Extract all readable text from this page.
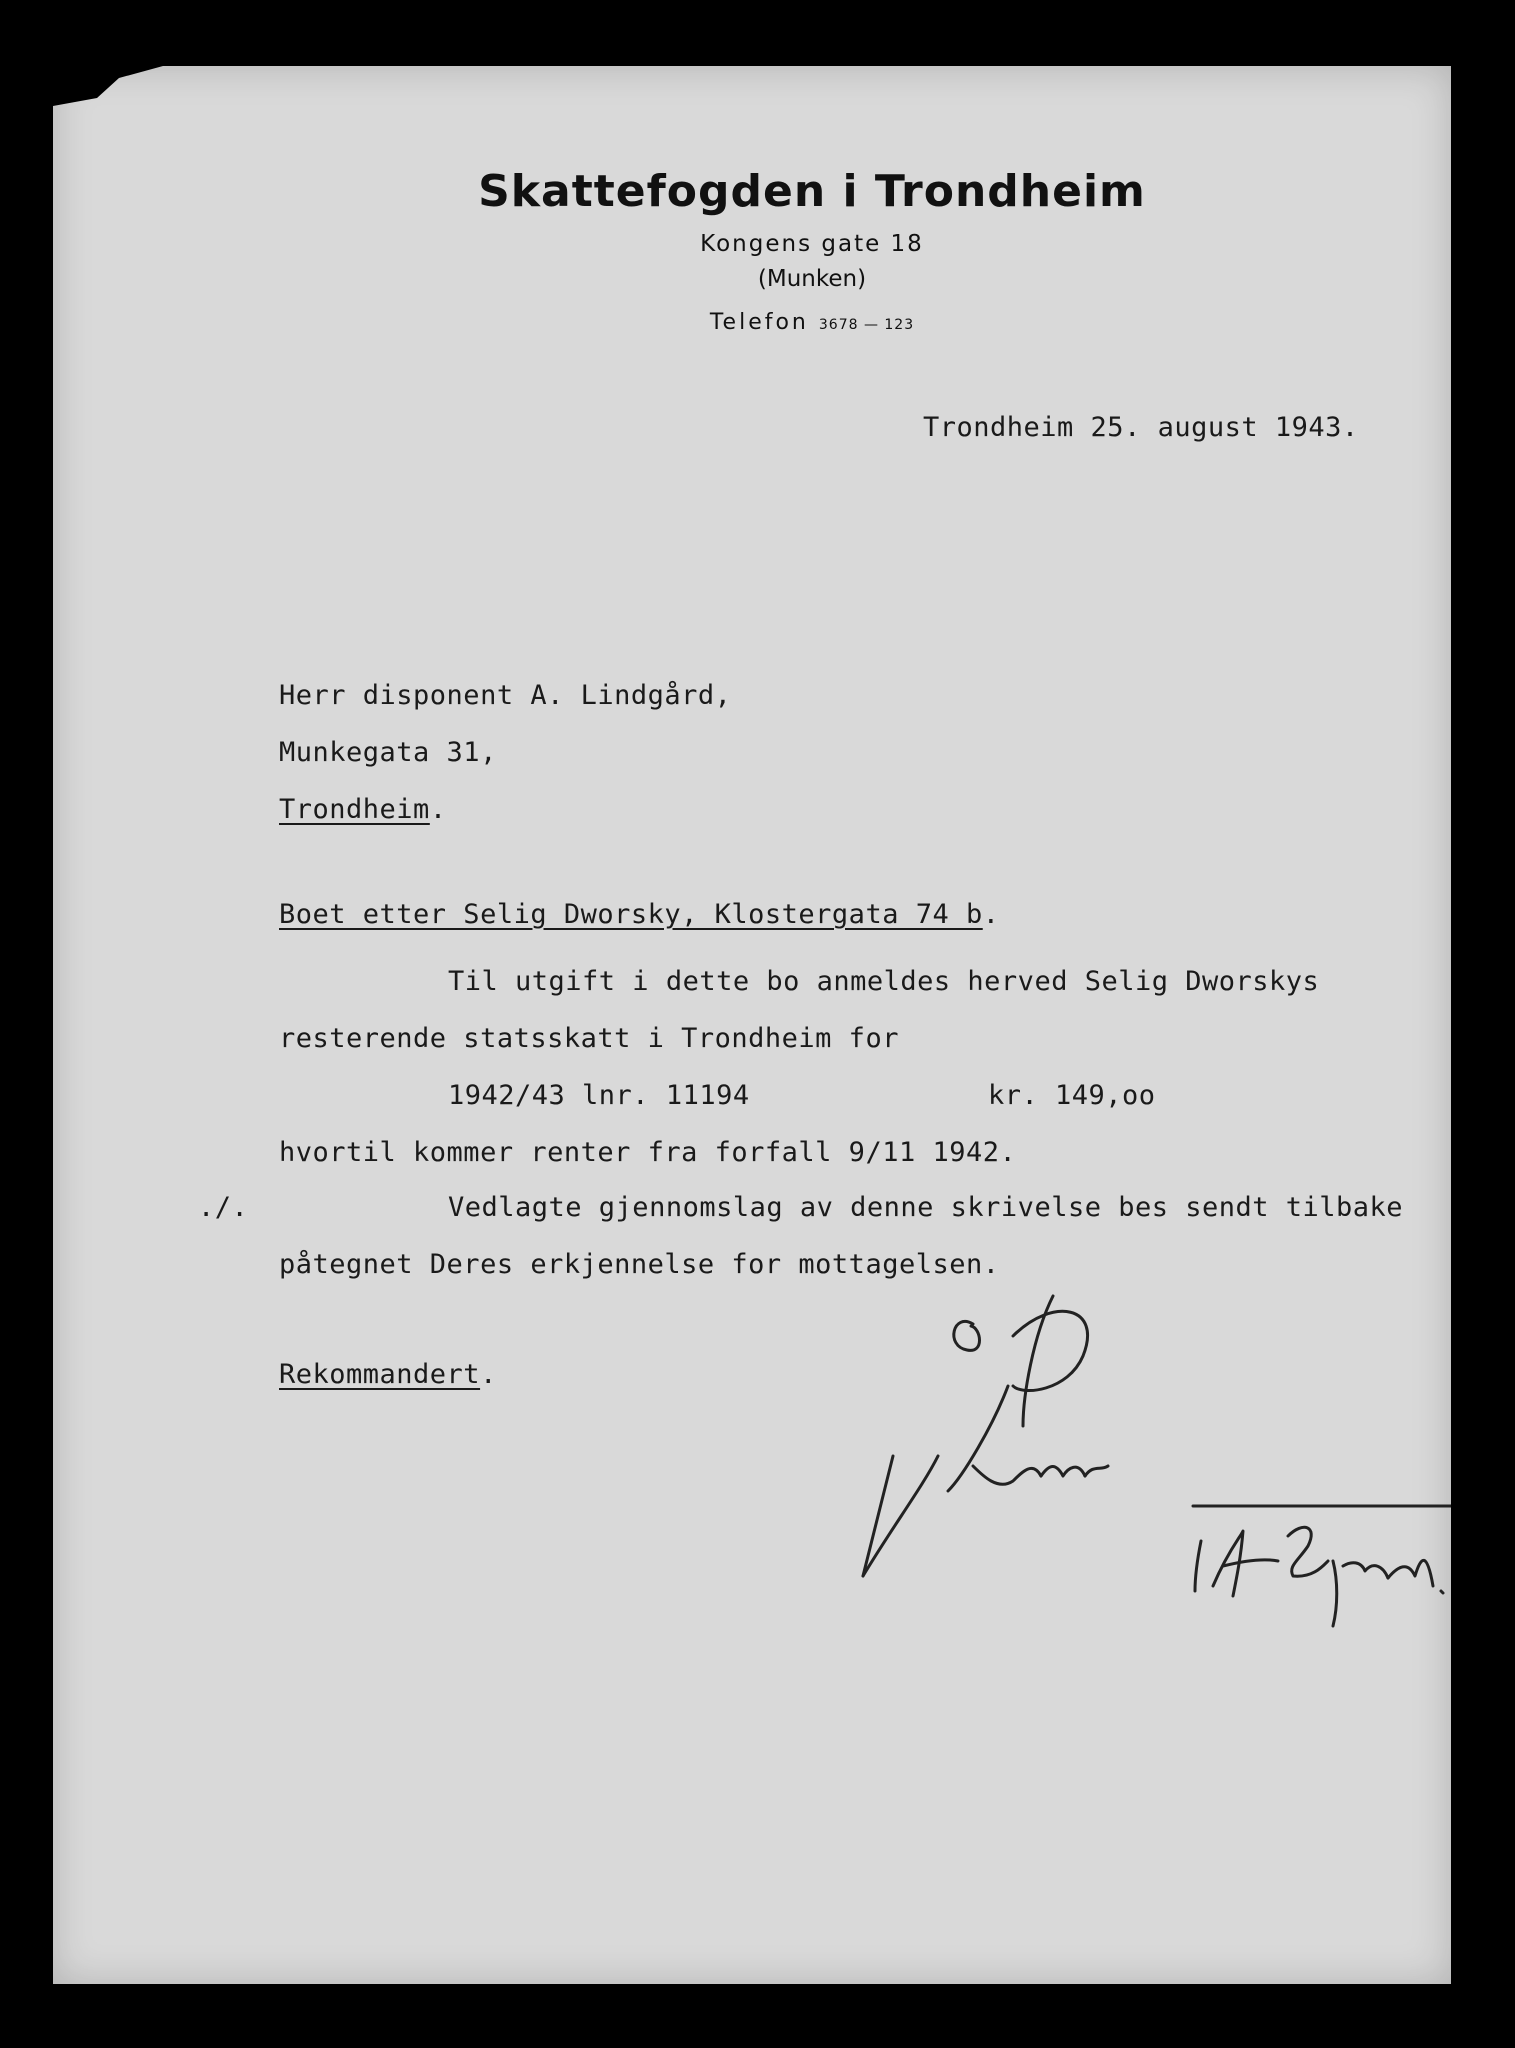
Skattefogden i Trondheim
Kongens gate 18
(Munken)
Telefon 3678 — 123
Trondheim 25. august 1943.
Herr disponent A. Lindgård,
Munkegata 31,
Trondheim.
Boet etter Selig Dworsky, Klostergata 74 b.
Til utgift i dette bo anmeldes herved Selig Dworskys
resterende statsskatt i Trondheim for
1942/43 lnr. 11194	kr. 149,oo
hvortil kommer renter fra forfall 9/11 1942.
./.	Vedlagte gjennomslag av denne skrivelse bes sendt tilbake
påtegnet Deres erkjennelse for mottagelsen.
Rekommandert.
